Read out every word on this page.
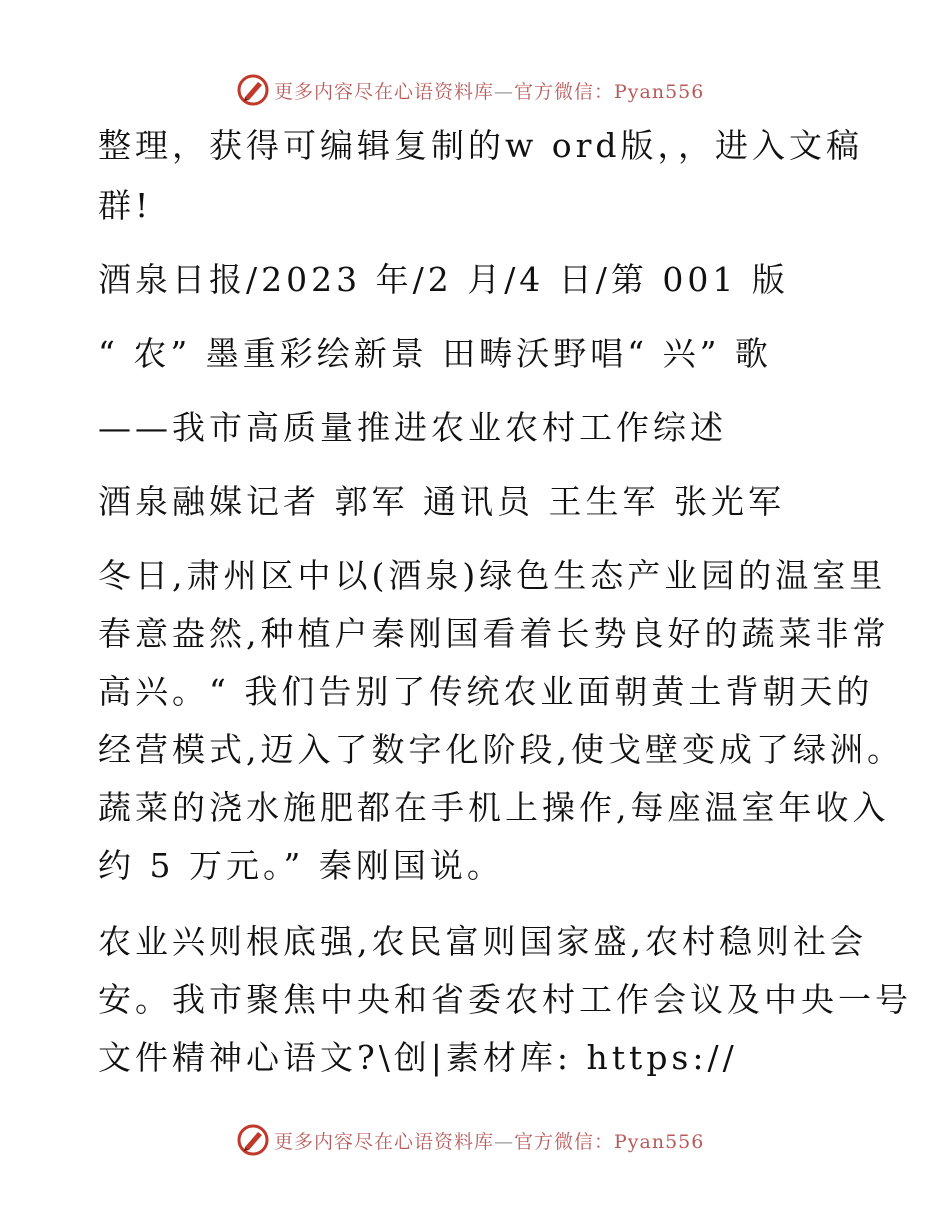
更多内容尽在心语资料库—官方微信：Pyan556
整理，获得可编辑复制的w ord版，，进入文稿
群!
酒泉日报/2023 年/2 月/4 日/第 001 版
“ 农” 墨重彩绘新景 田畴沃野唱“ 兴” 歌
——我市高质量推进农业农村工作综述
酒泉融媒记者 郭军 通讯员 王生军 张光军
冬日,肃州区中以(酒泉)绿色生态产业园的温室里
春意盎然,种植户秦刚国看着长势良好的蔬菜非常
高兴。“ 我们告别了传统农业面朝黄土背朝天的
经营模式,迈入了数字化阶段,使戈壁变成了绿洲。
蔬菜的浇水施肥都在手机上操作,每座温室年收入
约 5 万元。” 秦刚国说。
农业兴则根底强,农民富则国家盛,农村稳则社会
安。我市聚焦中央和省委农村工作会议及中央一号
文件精神心语文?\创|素材库: https://
更多内容尽在心语资料库—官方微信：Pyan556
